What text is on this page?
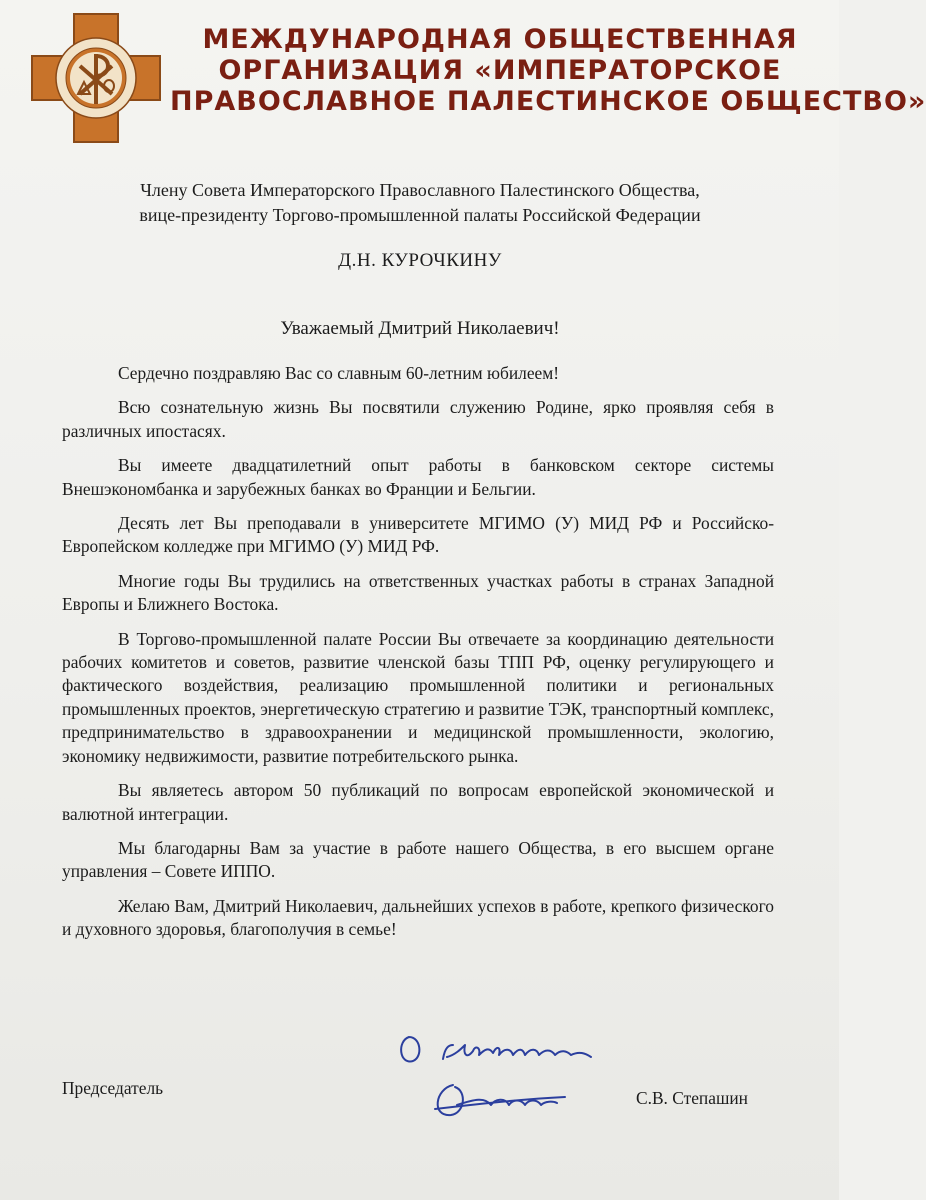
МЕЖДУНАРОДНАЯ ОБЩЕСТВЕННАЯ
ОРГАНИЗАЦИЯ «ИМПЕРАТОРСКОЕ
ПРАВОСЛАВНОЕ ПАЛЕСТИНСКОЕ ОБЩЕСТВО»
Члену Совета Императорского Православного Палестинского Общества,
вице-президенту Торгово-промышленной палаты Российской Федерации
Д.Н. КУРОЧКИНУ
Уважаемый Дмитрий Николаевич!

Сердечно поздравляю Вас со славным 60-летним юбилеем!

Всю сознательную жизнь Вы посвятили служению Родине, ярко проявляя себя в различных ипостасях.

Вы имеете двадцатилетний опыт работы в банковском секторе системы Внешэкономбанка и зарубежных банках во Франции и Бельгии.

Десять лет Вы преподавали в университете МГИМО (У) МИД РФ и Российско-Европейском колледже при МГИМО (У) МИД РФ.

Многие годы Вы трудились на ответственных участках работы в странах Западной Европы и Ближнего Востока.

В Торгово-промышленной палате России Вы отвечаете за координацию деятельности рабочих комитетов и советов, развитие членской базы ТПП РФ, оценку регулирующего и фактического воздействия, реализацию промышленной политики и региональных промышленных проектов, энергетическую стратегию и развитие ТЭК, транспортный комплекс, предпринимательство в здравоохранении и медицинской промышленности, экологию, экономику недвижимости, развитие потребительского рынка.

Вы являетесь автором 50 публикаций по вопросам европейской экономической и валютной интеграции.

Мы благодарны Вам за участие в работе нашего Общества, в его высшем органе управления – Совете ИППО.

Желаю Вам, Дмитрий Николаевич, дальнейших успехов в работе, крепкого физического и духовного здоровья, благополучия в семье!

Председатель	С.В. Степашин
